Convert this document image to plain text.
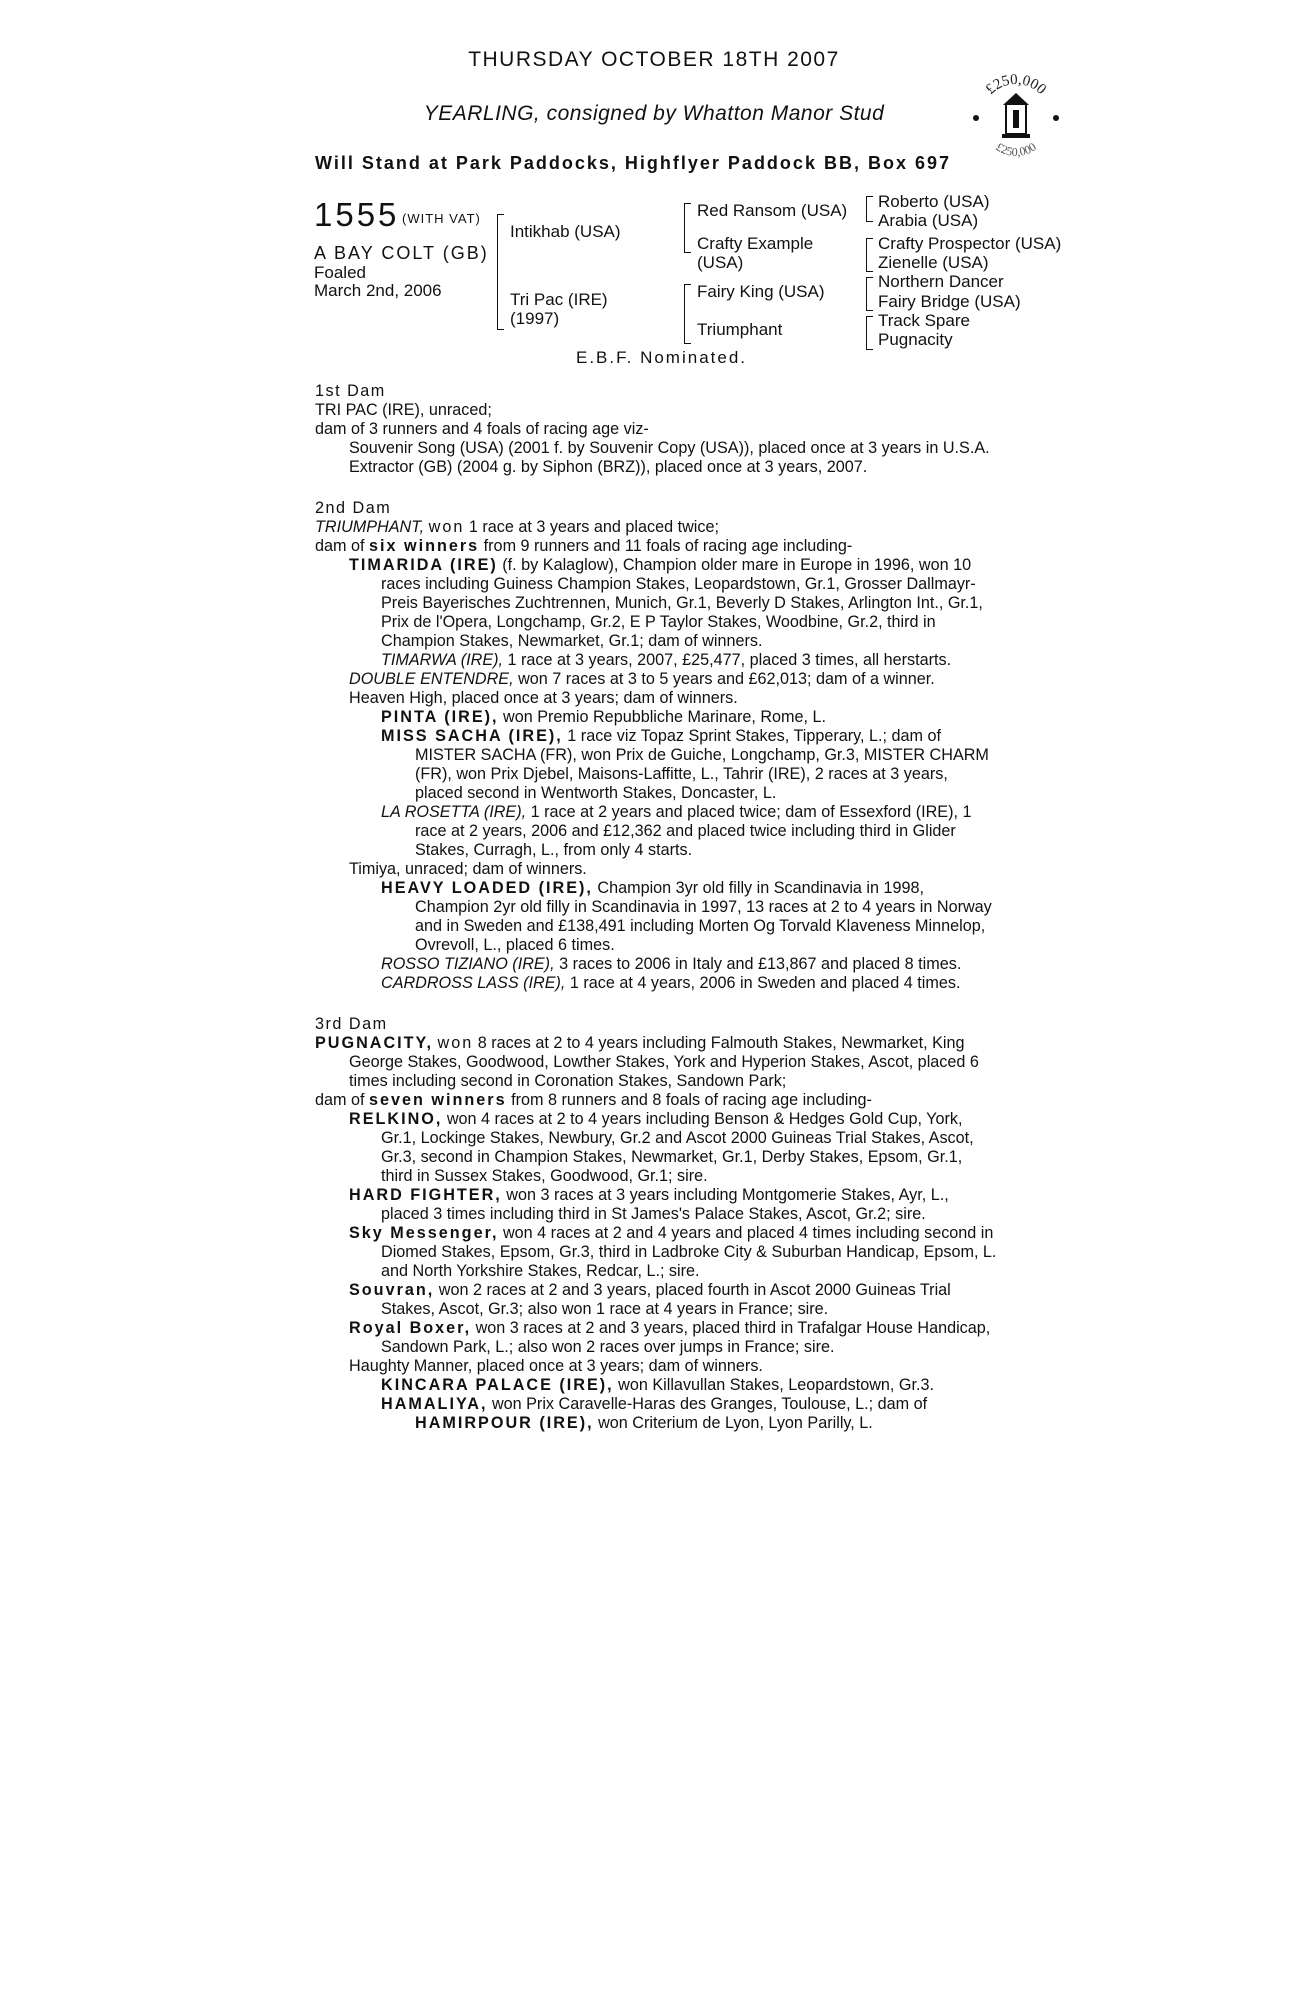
THURSDAY OCTOBER 18TH 2007
YEARLING, consigned by Whatton Manor Stud
Will Stand at Park Paddocks, Highflyer Paddock BB, Box 697
£250,000
£250,000
1555 (WITH VAT)
A BAY COLT (GB)
Foaled
March 2nd, 2006
Intikhab (USA)
Tri Pac (IRE)
(1997)
Red Ransom (USA)
Crafty Example
(USA)
Fairy King (USA)
Triumphant
Roberto (USA)
Arabia (USA)
Crafty Prospector (USA)
Zienelle (USA)
Northern Dancer
Fairy Bridge (USA)
Track Spare
Pugnacity
E.B.F. Nominated.

1st Dam

TRI PAC (IRE), unraced;

dam of 3 runners and 4 foals of racing age viz-

Souvenir Song (USA) (2001 f. by Souvenir Copy (USA)), placed once at 3 years in U.S.A.

Extractor (GB) (2004 g. by Siphon (BRZ)), placed once at 3 years, 2007.

2nd Dam

TRIUMPHANT, won 1 race at 3 years and placed twice;

dam of six winners from 9 runners and 11 foals of racing age including-

TIMARIDA (IRE) (f. by Kalaglow), Champion older mare in Europe in 1996, won 10 races including Guiness Champion Stakes, Leopardstown, Gr.1, Grosser Dallmayr-Preis Bayerisches Zuchtrennen, Munich, Gr.1, Beverly D Stakes, Arlington Int., Gr.1, Prix de l'Opera, Longchamp, Gr.2, E P Taylor Stakes, Woodbine, Gr.2, third in Champion Stakes, Newmarket, Gr.1; dam of winners.

TIMARWA (IRE), 1 race at 3 years, 2007, £25,477, placed 3 times, all herstarts.

DOUBLE ENTENDRE, won 7 races at 3 to 5 years and £62,013; dam of a winner.

Heaven High, placed once at 3 years; dam of winners.

PINTA (IRE), won Premio Repubbliche Marinare, Rome, L.

MISS SACHA (IRE), 1 race viz Topaz Sprint Stakes, Tipperary, L.; dam of MISTER SACHA (FR), won Prix de Guiche, Longchamp, Gr.3, MISTER CHARM (FR), won Prix Djebel, Maisons-Laffitte, L., Tahrir (IRE), 2 races at 3 years, placed second in Wentworth Stakes, Doncaster, L.

LA ROSETTA (IRE), 1 race at 2 years and placed twice; dam of Essexford (IRE), 1 race at 2 years, 2006 and £12,362 and placed twice including third in Glider Stakes, Curragh, L., from only 4 starts.

Timiya, unraced; dam of winners.

HEAVY LOADED (IRE), Champion 3yr old filly in Scandinavia in 1998, Champion 2yr old filly in Scandinavia in 1997, 13 races at 2 to 4 years in Norway and in Sweden and £138,491 including Morten Og Torvald Klaveness Minnelop, Ovrevoll, L., placed 6 times.

ROSSO TIZIANO (IRE), 3 races to 2006 in Italy and £13,867 and placed 8 times.

CARDROSS LASS (IRE), 1 race at 4 years, 2006 in Sweden and placed 4 times.

3rd Dam

PUGNACITY, won 8 races at 2 to 4 years including Falmouth Stakes, Newmarket, King George Stakes, Goodwood, Lowther Stakes, York and Hyperion Stakes, Ascot, placed 6 times including second in Coronation Stakes, Sandown Park;

dam of seven winners from 8 runners and 8 foals of racing age including-

RELKINO, won 4 races at 2 to 4 years including Benson & Hedges Gold Cup, York, Gr.1, Lockinge Stakes, Newbury, Gr.2 and Ascot 2000 Guineas Trial Stakes, Ascot, Gr.3, second in Champion Stakes, Newmarket, Gr.1, Derby Stakes, Epsom, Gr.1, third in Sussex Stakes, Goodwood, Gr.1; sire.

HARD FIGHTER, won 3 races at 3 years including Montgomerie Stakes, Ayr, L., placed 3 times including third in St James's Palace Stakes, Ascot, Gr.2; sire.

Sky Messenger, won 4 races at 2 and 4 years and placed 4 times including second in Diomed Stakes, Epsom, Gr.3, third in Ladbroke City & Suburban Handicap, Epsom, L. and North Yorkshire Stakes, Redcar, L.; sire.

Souvran, won 2 races at 2 and 3 years, placed fourth in Ascot 2000 Guineas Trial Stakes, Ascot, Gr.3; also won 1 race at 4 years in France; sire.

Royal Boxer, won 3 races at 2 and 3 years, placed third in Trafalgar House Handicap, Sandown Park, L.; also won 2 races over jumps in France; sire.

Haughty Manner, placed once at 3 years; dam of winners.

KINCARA PALACE (IRE), won Killavullan Stakes, Leopardstown, Gr.3.

HAMALIYA, won Prix Caravelle-Haras des Granges, Toulouse, L.; dam of HAMIRPOUR (IRE), won Criterium de Lyon, Lyon Parilly, L.
